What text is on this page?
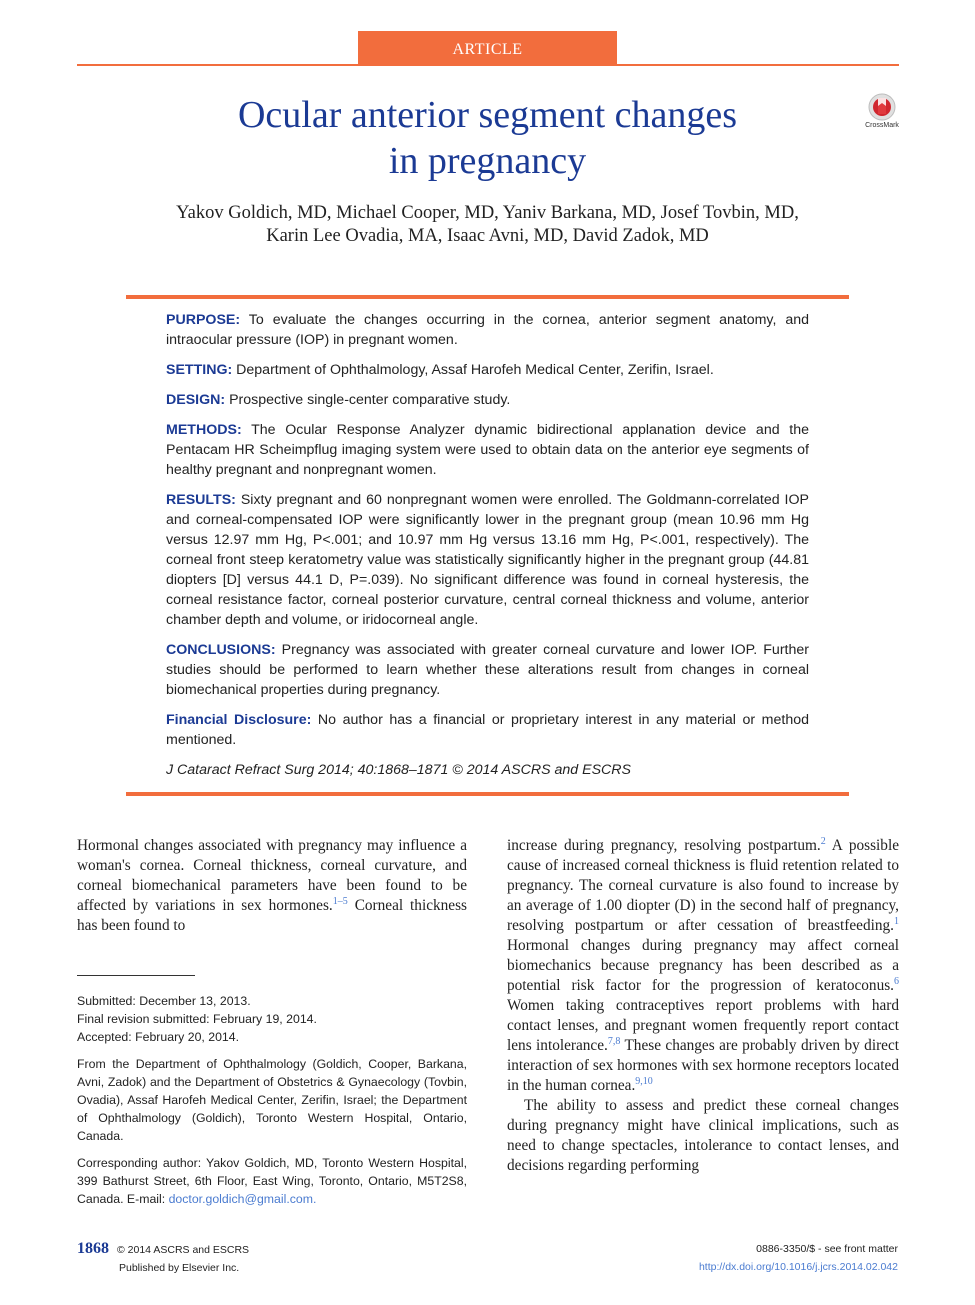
ARTICLE
Ocular anterior segment changes
in pregnancy
CrossMark
Yakov Goldich, MD, Michael Cooper, MD, Yaniv Barkana, MD, Josef Tovbin, MD,
Karin Lee Ovadia, MA, Isaac Avni, MD, David Zadok, MD

PURPOSE: To evaluate the changes occurring in the cornea, anterior segment anatomy, and intraocular pressure (IOP) in pregnant women.

SETTING: Department of Ophthalmology, Assaf Harofeh Medical Center, Zerifin, Israel.

DESIGN: Prospective single-center comparative study.

METHODS: The Ocular Response Analyzer dynamic bidirectional applanation device and the Pentacam HR Scheimpflug imaging system were used to obtain data on the anterior eye segments of healthy pregnant and nonpregnant women.

RESULTS: Sixty pregnant and 60 nonpregnant women were enrolled. The Goldmann-correlated IOP and corneal-compensated IOP were significantly lower in the pregnant group (mean 10.96 mm Hg versus 12.97 mm Hg, P<.001; and 10.97 mm Hg versus 13.16 mm Hg, P<.001, respectively). The corneal front steep keratometry value was statistically significantly higher in the pregnant group (44.81 diopters [D] versus 44.1 D, P=.039). No significant difference was found in corneal hysteresis, the corneal resistance factor, corneal posterior curvature, central corneal thickness and volume, anterior chamber depth and volume, or iridocorneal angle.

CONCLUSIONS: Pregnancy was associated with greater corneal curvature and lower IOP. Further studies should be performed to learn whether these alterations result from changes in corneal biomechanical properties during pregnancy.

Financial Disclosure: No author has a financial or proprietary interest in any material or method mentioned.

J Cataract Refract Surg 2014; 40:1868–1871 © 2014 ASCRS and ESCRS

Hormonal changes associated with pregnancy may influence a woman's cornea. Corneal thickness, corneal curvature, and corneal biomechanical parameters have been found to be affected by variations in sex hormones.$^{1-5}$ Corneal thickness has been found to

Submitted: December 13, 2013.
Final revision submitted: February 19, 2014.
Accepted: February 20, 2014.
From the Department of Ophthalmology (Goldich, Cooper, Barkana, Avni, Zadok) and the Department of Obstetrics & Gynaecology (Tovbin, Ovadia), Assaf Harofeh Medical Center, Zerifin, Israel; the Department of Ophthalmology (Goldich), Toronto Western Hospital, Ontario, Canada.
Corresponding author: Yakov Goldich, MD, Toronto Western Hospital, 399 Bathurst Street, 6th Floor, East Wing, Toronto, Ontario, M5T2S8, Canada. E-mail: doctor.goldich@gmail.com.

increase during pregnancy, resolving postpartum.$^2$ A possible cause of increased corneal thickness is fluid retention related to pregnancy. The corneal curvature is also found to increase by an average of 1.00 diopter (D) in the second half of pregnancy, resolving postpartum or after cessation of breastfeeding.$^1$ Hormonal changes during pregnancy may affect corneal biomechanics because pregnancy has been described as a potential risk factor for the progression of keratoconus.$^6$ Women taking contraceptives report problems with hard contact lenses, and pregnant women frequently report contact lens intolerance.$^{7,8}$ These changes are probably driven by direct interaction of sex hormones with sex hormone receptors located in the human cornea.$^{9,10}$

The ability to assess and predict these corneal changes during pregnancy might have clinical implications, such as need to change spectacles, intolerance to contact lenses, and decisions regarding performing

1868 © 2014 ASCRS and ESCRS
Published by Elsevier Inc.
0886-3350/$ - see front matter
http://dx.doi.org/10.1016/j.jcrs.2014.02.042
